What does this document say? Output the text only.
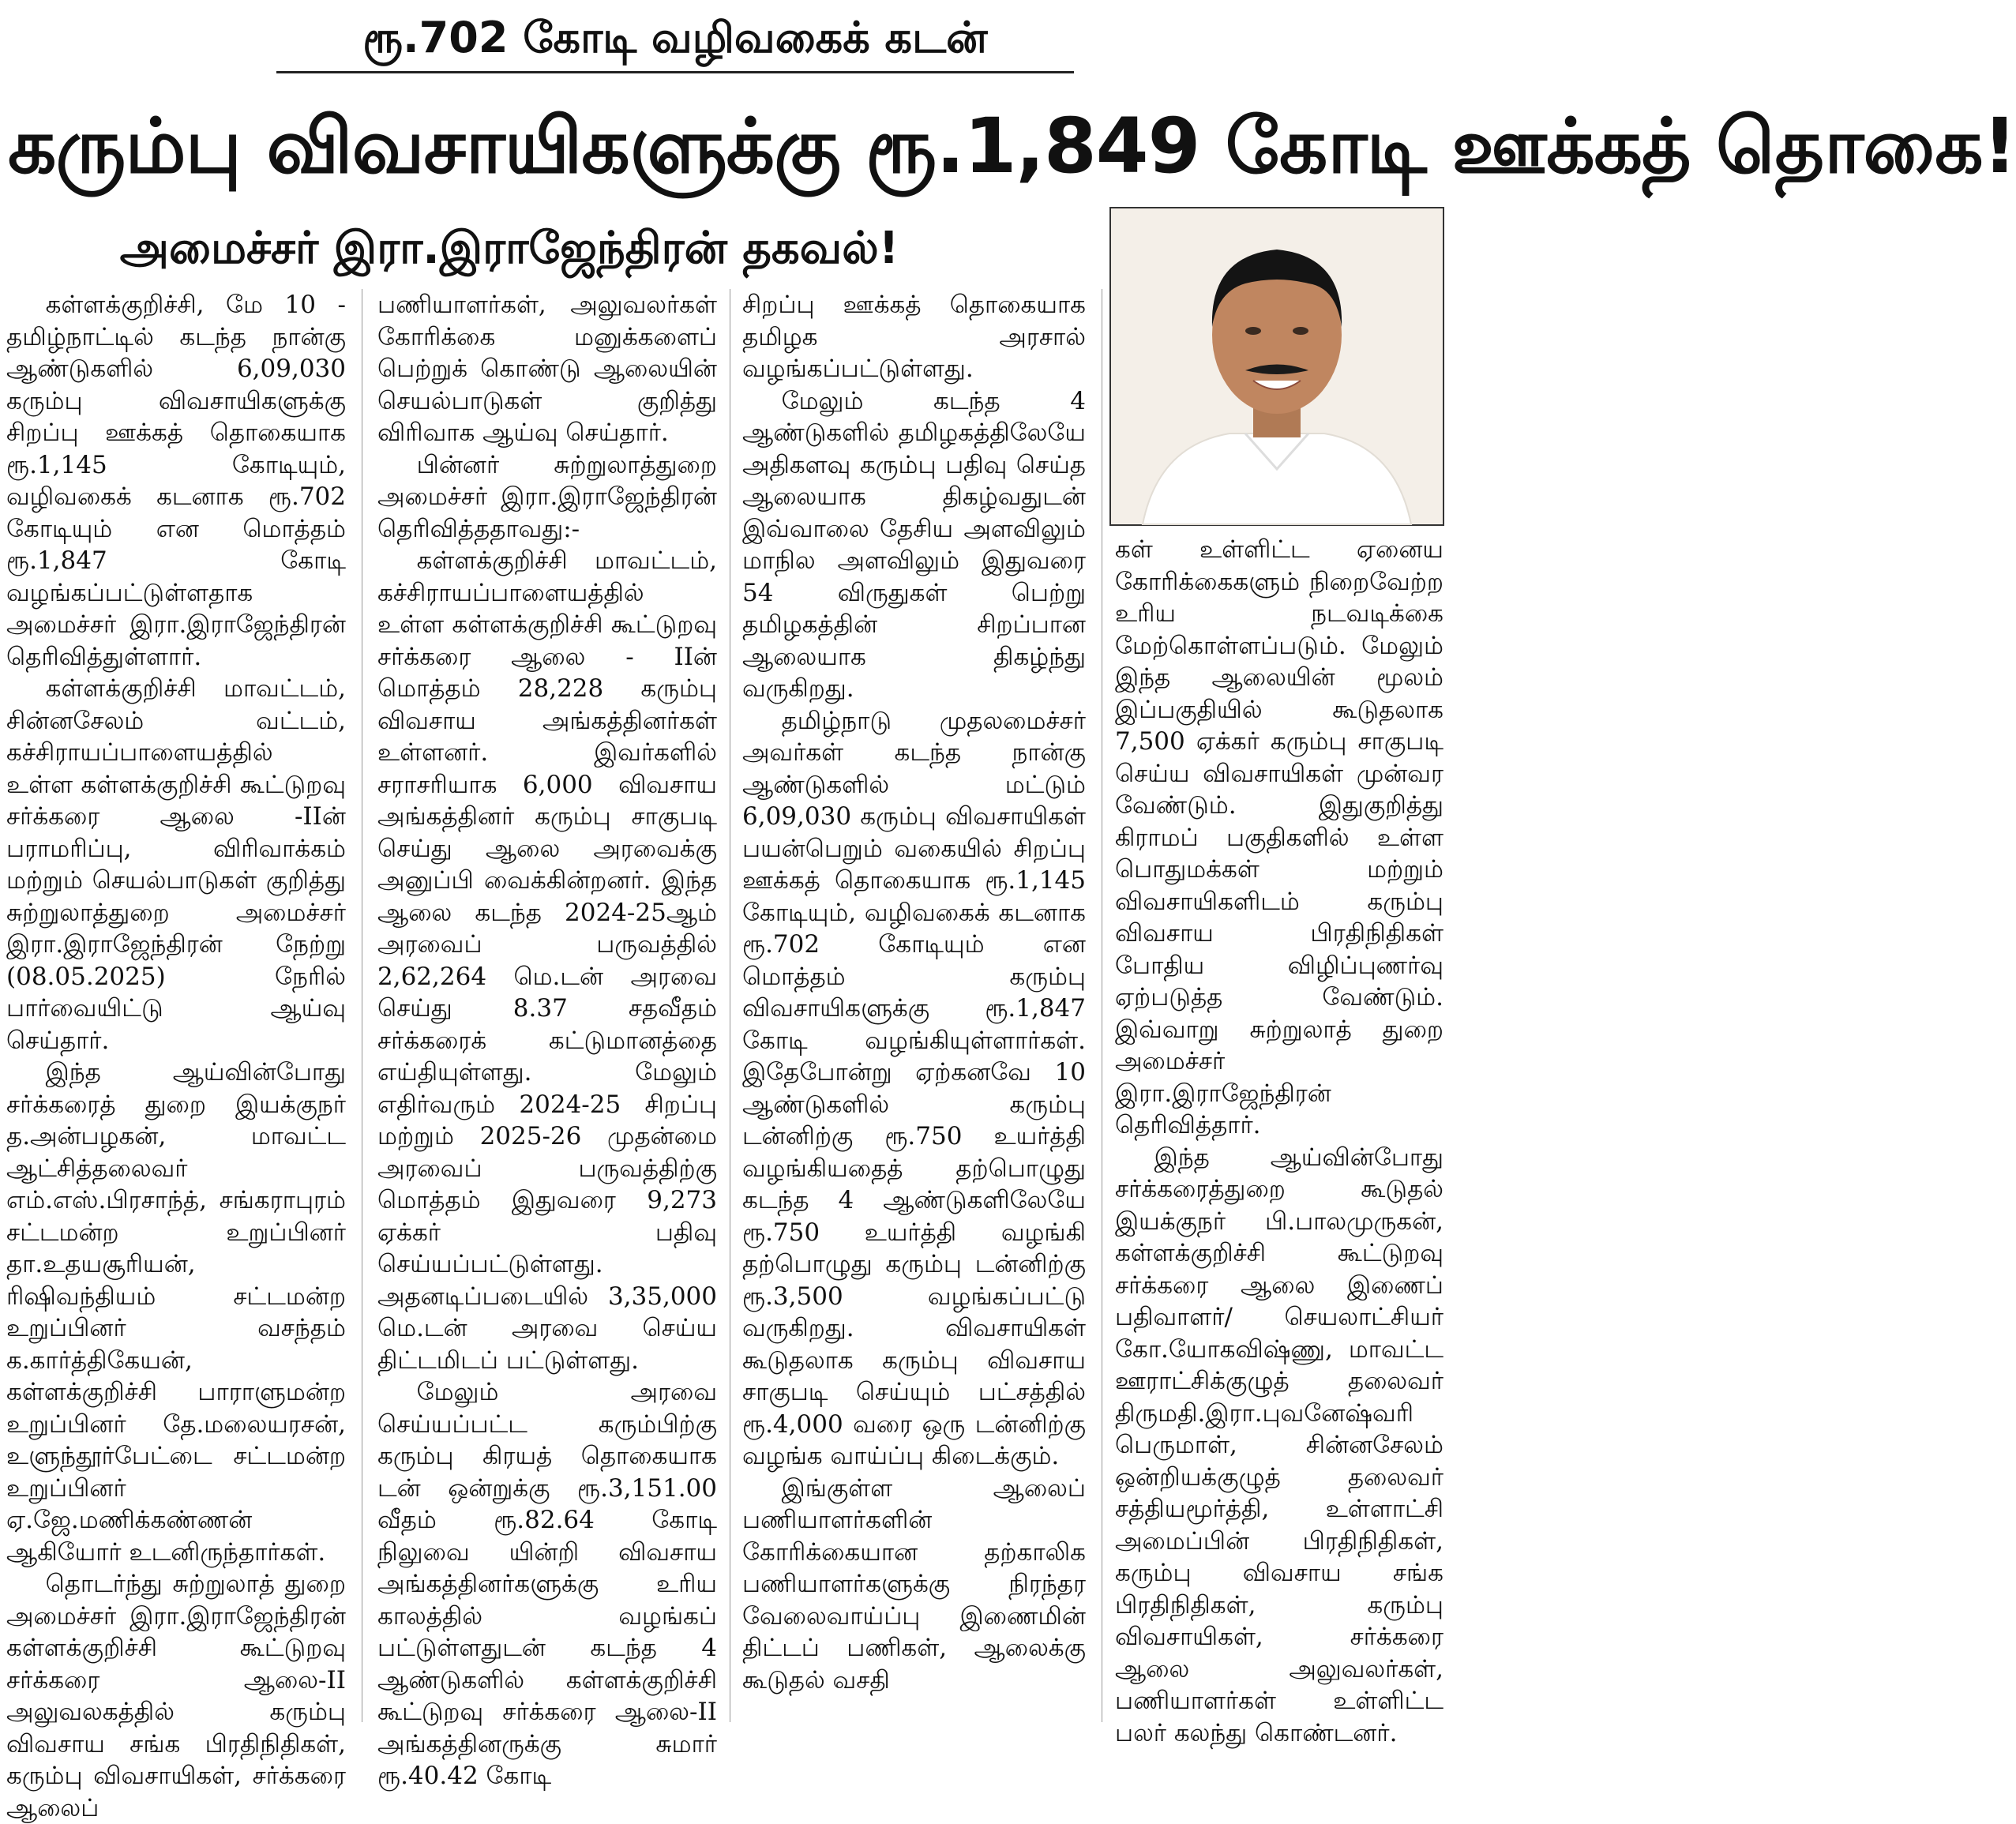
ரூ.702 கோடி வழிவகைக் கடன்
கரும்பு விவசாயிகளுக்கு ரூ.1,849 கோடி ஊக்கத் தொகை!
அமைச்சர் இரா.இராஜேந்திரன் தகவல்!

கள்ளக்குறிச்சி, மே 10 - தமிழ்நாட்டில் கடந்த நான்கு ஆண்டுகளில் 6,09,030 கரும்பு விவசாயிகளுக்கு சிறப்பு ஊக்கத் தொகையாக ரூ.1,145 கோடியும், வழிவகைக் கடனாக ரூ.702 கோடியும் என மொத்தம் ரூ.1,847 கோடி வழங்கப்பட்டுள்ளதாக அமைச்சர் இரா.இராஜேந்திரன் தெரிவித்துள்ளார்.

கள்ளக்குறிச்சி மாவட்டம், சின்னசேலம் வட்டம், கச்சிராயப்பாளையத்தில் உள்ள கள்ளக்குறிச்சி கூட்டுறவு சர்க்கரை ஆலை -IIன் பராமரிப்பு, விரிவாக்கம் மற்றும் செயல்பாடுகள் குறித்து சுற்றுலாத்துறை அமைச்சர் இரா.இராஜேந்திரன் நேற்று (08.05.2025) நேரில் பார்வையிட்டு ஆய்வு செய்தார்.

இந்த ஆய்வின்போது சர்க்கரைத் துறை இயக்குநர் த.அன்பழகன், மாவட்ட ஆட்சித்தலைவர் எம்.எஸ்.பிரசாந்த், சங்கராபுரம் சட்டமன்ற உறுப்பினர் தா.உதயசூரியன், ரிஷிவந்தியம் சட்டமன்ற உறுப்பினர் வசந்தம் க.கார்த்திகேயன், கள்ளக்குறிச்சி பாராளுமன்ற உறுப்பினர் தே.மலையரசன், உளுந்தூர்பேட்டை சட்டமன்ற உறுப்பினர் ஏ.ஜே.மணிக்கண்ணன் ஆகியோர் உடனிருந்தார்கள்.

தொடர்ந்து சுற்றுலாத் துறை அமைச்சர் இரா.இராஜேந்திரன் கள்ளக்குறிச்சி கூட்டுறவு சர்க்கரை ஆலை-II அலுவலகத்தில் கரும்பு விவசாய சங்க பிரதிநிதிகள், கரும்பு விவசாயிகள், சர்க்கரை ஆலைப்

பணியாளர்கள், அலுவலர்கள் கோரிக்கை மனுக்களைப் பெற்றுக் கொண்டு ஆலையின் செயல்பாடுகள் குறித்து விரிவாக ஆய்வு செய்தார்.

பின்னர் சுற்றுலாத்துறை அமைச்சர் இரா.இராஜேந்திரன் தெரிவித்ததாவது:-

கள்ளக்குறிச்சி மாவட்டம், கச்சிராயப்பாளையத்தில் உள்ள கள்ளக்குறிச்சி கூட்டுறவு சர்க்கரை ஆலை - IIன் மொத்தம் 28,228 கரும்பு விவசாய அங்கத்தினர்கள் உள்ளனர். இவர்களில் சராசரியாக 6,000 விவசாய அங்கத்தினர் கரும்பு சாகுபடி செய்து ஆலை அரவைக்கு அனுப்பி வைக்கின்றனர். இந்த ஆலை கடந்த 2024-25ஆம் அரவைப் பருவத்தில் 2,62,264 மெ.டன் அரவை செய்து 8.37 சதவீதம் சர்க்கரைக் கட்டுமானத்தை எய்தியுள்ளது. மேலும் எதிர்வரும் 2024-25 சிறப்பு மற்றும் 2025-26 முதன்மை அரவைப் பருவத்திற்கு மொத்தம் இதுவரை 9,273 ஏக்கர் பதிவு செய்யப்பட்டுள்ளது. அதனடிப்படையில் 3,35,000 மெ.டன் அரவை செய்ய திட்டமிடப் பட்டுள்ளது.

மேலும் அரவை செய்யப்பட்ட கரும்பிற்கு கரும்பு கிரயத் தொகையாக டன் ஒன்றுக்கு ரூ.3,151.00 வீதம் ரூ.82.64 கோடி நிலுவை யின்றி விவசாய அங்கத்தினர்களுக்கு உரிய காலத்தில் வழங்கப் பட்டுள்ளதுடன் கடந்த 4 ஆண்டுகளில் கள்ளக்குறிச்சி கூட்டுறவு சர்க்கரை ஆலை-II அங்கத்தினருக்கு சுமார் ரூ.40.42 கோடி

சிறப்பு ஊக்கத் தொகையாக தமிழக அரசால் வழங்கப்பட்டுள்ளது.

மேலும் கடந்த 4 ஆண்டுகளில் தமிழகத்திலேயே அதிகளவு கரும்பு பதிவு செய்த ஆலையாக திகழ்வதுடன் இவ்வாலை தேசிய அளவிலும் மாநில அளவிலும் இதுவரை 54 விருதுகள் பெற்று தமிழகத்தின் சிறப்பான ஆலையாக திகழ்ந்து வருகிறது.

தமிழ்நாடு முதலமைச்சர் அவர்கள் கடந்த நான்கு ஆண்டுகளில் மட்டும் 6,09,030 கரும்பு விவசாயிகள் பயன்பெறும் வகையில் சிறப்பு ஊக்கத் தொகையாக ரூ.1,145 கோடியும், வழிவகைக் கடனாக ரூ.702 கோடியும் என மொத்தம் கரும்பு விவசாயிகளுக்கு ரூ.1,847 கோடி வழங்கியுள்ளார்கள். இதேபோன்று ஏற்கனவே 10 ஆண்டுகளில் கரும்பு டன்னிற்கு ரூ.750 உயர்த்தி வழங்கியதைத் தற்பொழுது கடந்த 4 ஆண்டுகளிலேயே ரூ.750 உயர்த்தி வழங்கி தற்பொழுது கரும்பு டன்னிற்கு ரூ.3,500 வழங்கப்பட்டு வருகிறது. விவசாயிகள் கூடுதலாக கரும்பு விவசாய சாகுபடி செய்யும் பட்சத்தில் ரூ.4,000 வரை ஒரு டன்னிற்கு வழங்க வாய்ப்பு கிடைக்கும்.

இங்குள்ள ஆலைப் பணியாளர்களின் கோரிக்கையான தற்காலிக பணியாளர்களுக்கு நிரந்தர வேலைவாய்ப்பு இணைமின் திட்டப் பணிகள், ஆலைக்கு கூடுதல் வசதி

கள் உள்ளிட்ட ஏனைய கோரிக்கைகளும் நிறைவேற்ற உரிய நடவடிக்கை மேற்கொள்ளப்படும். மேலும் இந்த ஆலையின் மூலம் இப்பகுதியில் கூடுதலாக 7,500 ஏக்கர் கரும்பு சாகுபடி செய்ய விவசாயிகள் முன்வர வேண்டும். இதுகுறித்து கிராமப் பகுதிகளில் உள்ள பொதுமக்கள் மற்றும் விவசாயிகளிடம் கரும்பு விவசாய பிரதிநிதிகள் போதிய விழிப்புணர்வு ஏற்படுத்த வேண்டும். இவ்வாறு சுற்றுலாத் துறை அமைச்சர் இரா.இராஜேந்திரன் தெரிவித்தார்.

இந்த ஆய்வின்போது சர்க்கரைத்துறை கூடுதல் இயக்குநர் பி.பாலமுருகன், கள்ளக்குறிச்சி கூட்டுறவு சர்க்கரை ஆலை இணைப் பதிவாளர்/ செயலாட்சியர் கோ.யோகவிஷ்ணு, மாவட்ட ஊராட்சிக்குழுத் தலைவர் திருமதி.இரா.புவனேஷ்வரி பெருமாள், சின்னசேலம் ஒன்றியக்குழுத் தலைவர் சத்தியமூர்த்தி, உள்ளாட்சி அமைப்பின் பிரதிநிதிகள், கரும்பு விவசாய சங்க பிரதிநிதிகள், கரும்பு விவசாயிகள், சர்க்கரை ஆலை அலுவலர்கள், பணியாளர்கள் உள்ளிட்ட பலர் கலந்து கொண்டனர்.
